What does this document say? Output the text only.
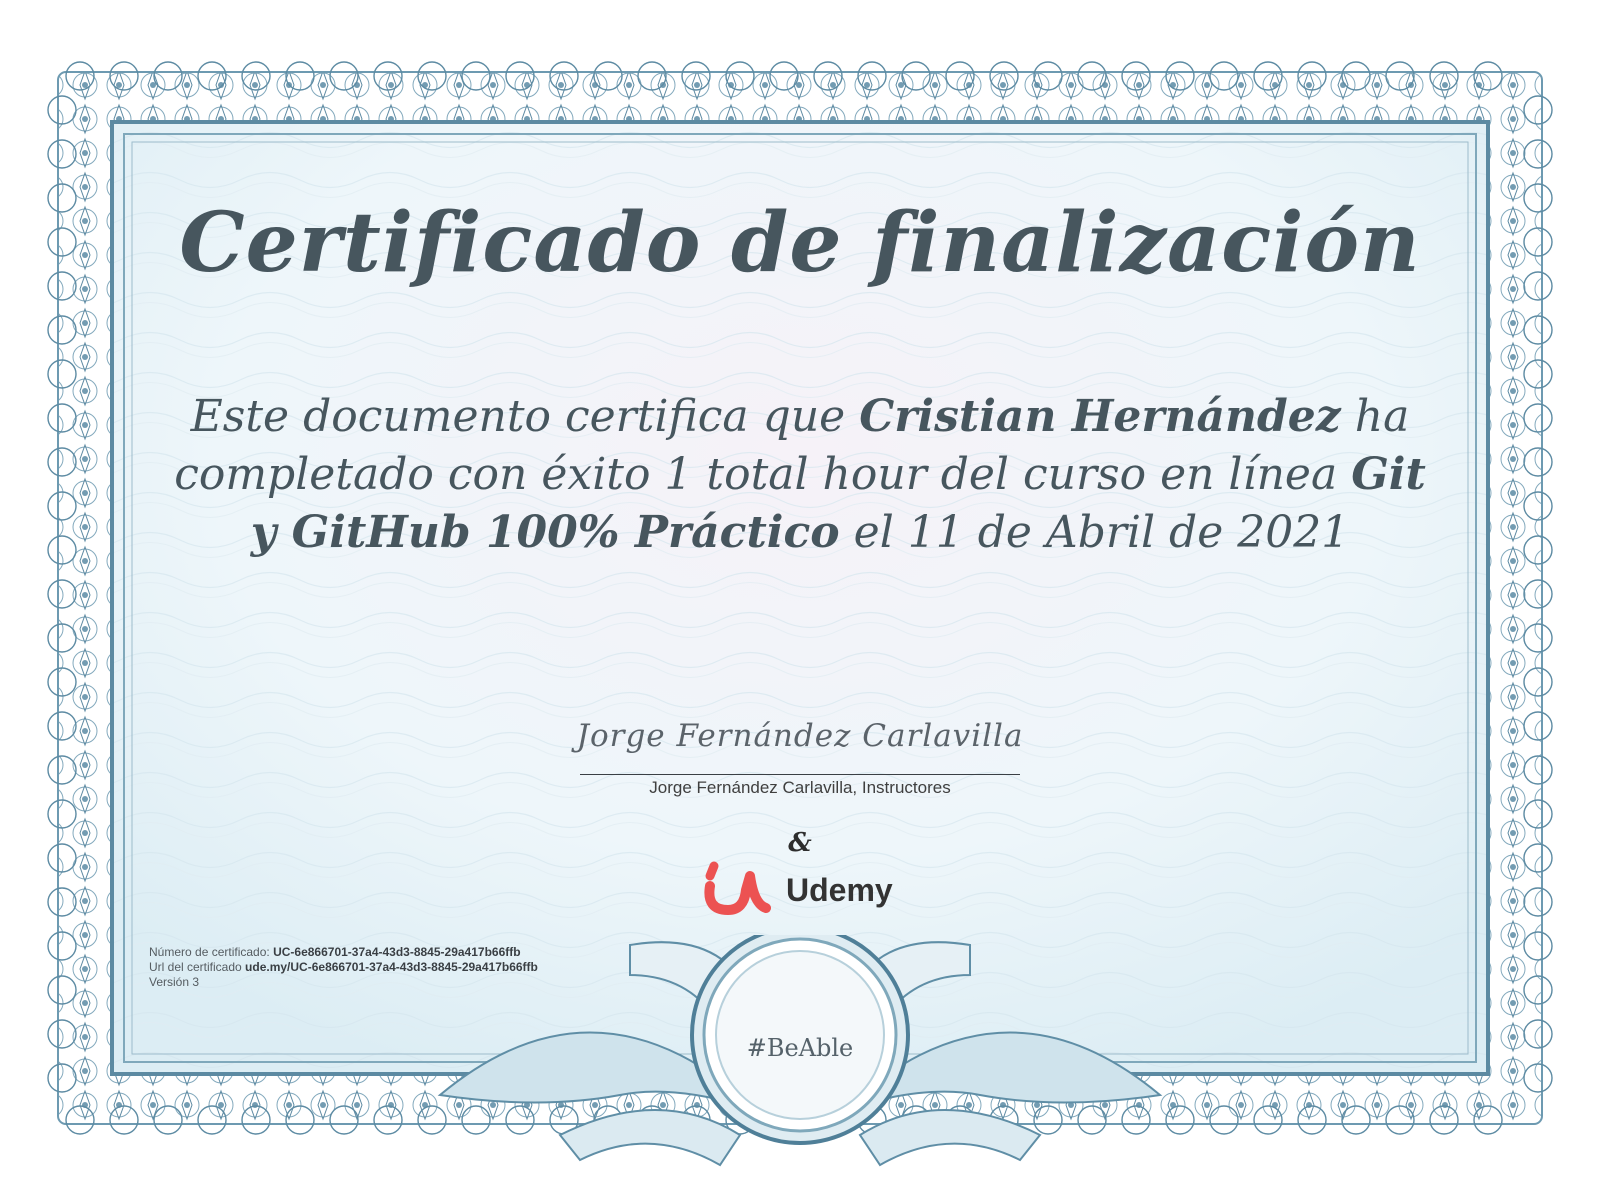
Certificado de finalización

Este documento certifica que Cristian Hernández ha completado con éxito 1 total hour del curso en línea Git y GitHub 100% Práctico el 11 de Abril de 2021

Jorge Fernández Carlavilla
Jorge Fernández Carlavilla, Instructores
&
Udemy
Número de certificado: UC-6e866701-37a4-43d3-8845-29a417b66ffb
Url del certificado ude.my/UC-6e866701-37a4-43d3-8845-29a417b66ffb
Versión 3
#BeAble
